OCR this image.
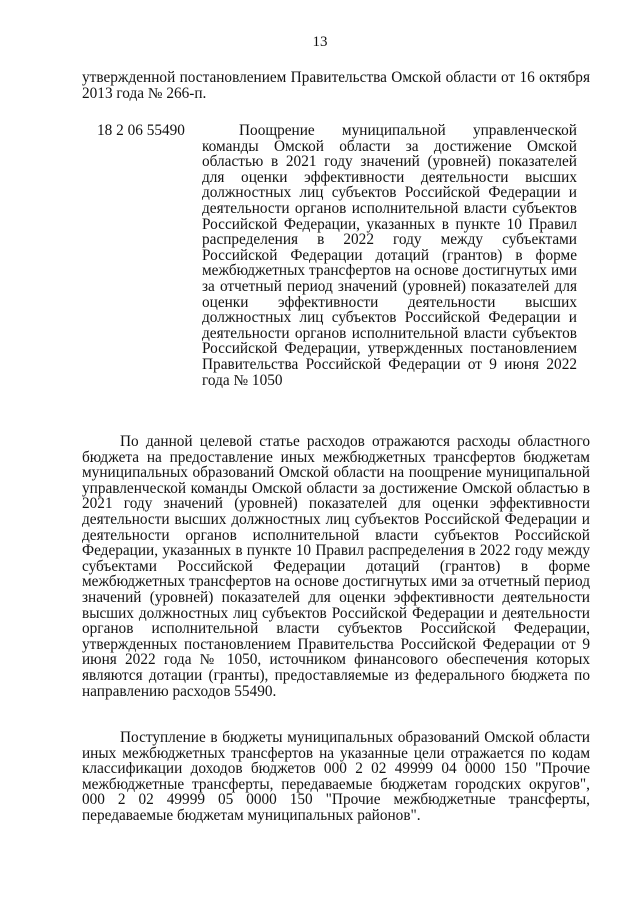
13
утвержденной постановлением Правительства Омской области от 16 октября 2013 года № 266-п.
18 2 06 55490	Поощрение муниципальной управленческой команды Омской области за достижение Омской областью в 2021 году значений (уровней) показателей для оценки эффективности деятельности высших должностных лиц субъектов Российской Федерации и деятельности органов исполнительной власти субъектов Российской Федерации, указанных в пункте 10 Правил распределения в 2022 году между субъектами Российской Федерации дотаций (грантов) в форме межбюджетных трансфертов на основе достигнутых ими за отчетный период значений (уровней) показателей для оценки эффективности деятельности высших должностных лиц субъектов Российской Федерации и деятельности органов исполнительной власти субъектов Российской Федерации, утвержденных постановлением Правительства Российской Федерации от 9 июня 2022 года № 1050
По данной целевой статье расходов отражаются расходы областного бюджета на предоставление иных межбюджетных трансфертов бюджетам муниципальных образований Омской области на поощрение муниципальной управленческой команды Омской области за достижение Омской областью в 2021 году значений (уровней) показателей для оценки эффективности деятельности высших должностных лиц субъектов Российской Федерации и деятельности органов исполнительной власти субъектов Российской Федерации, указанных в пункте 10 Правил распределения в 2022 году между субъектами Российской Федерации дотаций (грантов) в форме межбюджетных трансфертов на основе достигнутых ими за отчетный период значений (уровней) показателей для оценки эффективности деятельности высших должностных лиц субъектов Российской Федерации и деятельности органов исполнительной власти субъектов Российской Федерации, утвержденных постановлением Правительства Российской Федерации от 9 июня 2022 года № 1050, источником финансового обеспечения которых являются дотации (гранты), предоставляемые из федерального бюджета по направлению расходов 55490.
Поступление в бюджеты муниципальных образований Омской области иных межбюджетных трансфертов на указанные цели отражается по кодам классификации доходов бюджетов 000 2 02 49999 04 0000 150 "Прочие межбюджетные трансферты, передаваемые бюджетам городских округов", 000 2 02 49999 05 0000 150 "Прочие межбюджетные трансферты, передаваемые бюджетам муниципальных районов".
